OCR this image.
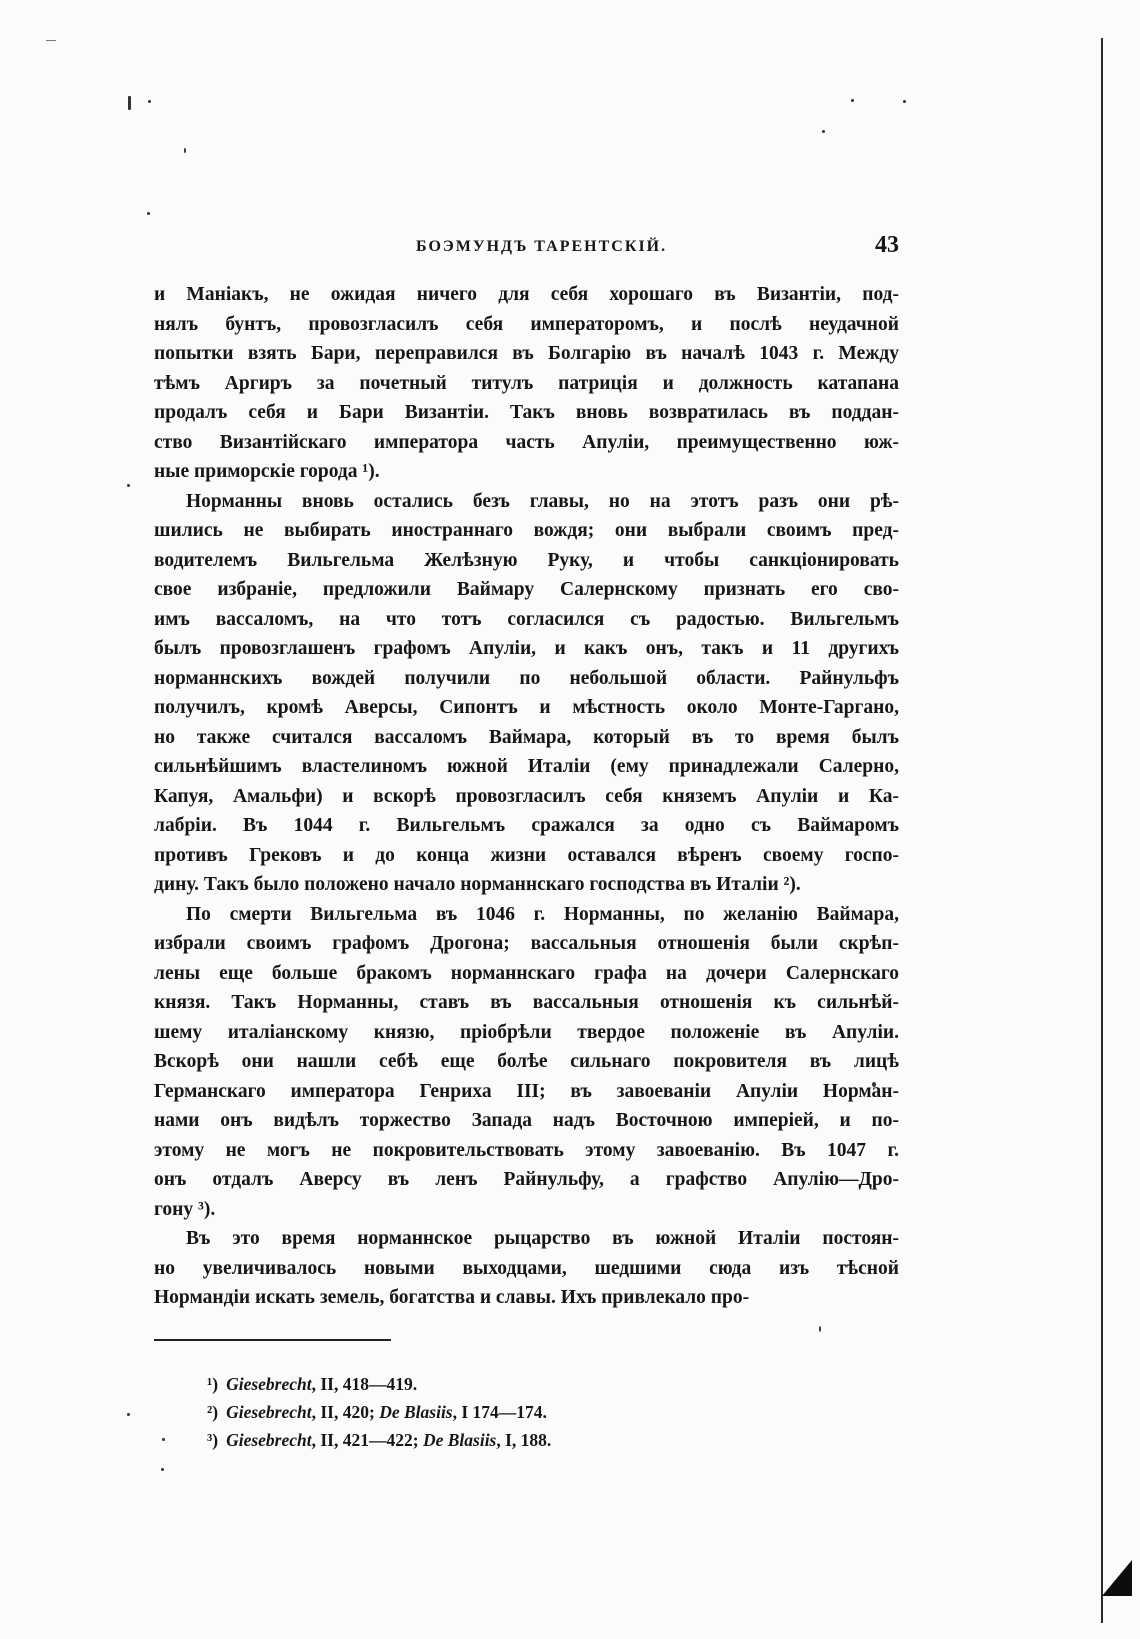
БОЭМУНДЪ ТАРЕНТСКІЙ.	43
и Маніакъ, не ожидая ничего для себя хорошаго въ Византіи, под-
нялъ бунтъ, провозгласилъ себя императоромъ, и послѣ неудачной
попытки взять Бари, переправился въ Болгарію въ началѣ 1043 г. Между
тѣмъ Аргиръ за почетный титулъ патриція и должность катапана
продалъ себя и Бари Византіи. Такъ вновь возвратилась въ поддан-
ство Византійскаго императора часть Апуліи, преимущественно юж-
ные приморскіе города ¹).
Норманны вновь остались безъ главы, но на этотъ разъ они рѣ-
шились не выбирать иностраннаго вождя; они выбрали своимъ пред-
водителемъ Вильгельма Желѣзную Руку, и чтобы санкціонировать
свое избраніе, предложили Ваймару Салернскому признать его сво-
имъ вассаломъ, на что тотъ согласился съ радостью. Вильгельмъ
былъ провозглашенъ графомъ Апуліи, и какъ онъ, такъ и 11 другихъ
норманнскихъ вождей получили по небольшой области. Райнульфъ
получилъ, кромѣ Аверсы, Сипонтъ и мѣстность около Монте-Гаргано,
но также считался вассаломъ Ваймара, который въ то время былъ
сильнѣйшимъ властелиномъ южной Италіи (ему принадлежали Салерно,
Капуя, Амальфи) и вскорѣ провозгласилъ себя княземъ Апуліи и Ка-
лабріи. Въ 1044 г. Вильгельмъ сражался за одно съ Ваймаромъ
противъ Грековъ и до конца жизни оставался вѣренъ своему госпо-
дину. Такъ было положено начало норманнскаго господства въ Италіи ²).
По смерти Вильгельма въ 1046 г. Норманны, по желанію Ваймара,
избрали своимъ графомъ Дрогона; вассальныя отношенія были скрѣп-
лены еще больше бракомъ норманнскаго графа на дочери Салернскаго
князя. Такъ Норманны, ставъ въ вассальныя отношенія къ сильнѣй-
шему италіанскому князю, пріобрѣли твердое положеніе въ Апуліи.
Вскорѣ они нашли себѣ еще болѣе сильнаго покровителя въ лицѣ
Германскаго императора Генриха III; въ завоеваніи Апуліи Норман-
нами онъ видѣлъ торжество Запада надъ Восточною имперіей, и по-
этому не могъ не покровительствовать этому завоеванію. Въ 1047 г.
онъ отдалъ Аверсу въ ленъ Райнульфу, а графство Апулію—Дро-
гону ³).
Въ это время норманнское рыцарство въ южной Италіи постоян-
но увеличивалось новыми выходцами, шедшими сюда изъ тѣсной
Нормандіи искать земель, богатства и славы. Ихъ привлекало про-
¹) Giesebrecht, II, 418—419.
²) Giesebrecht, II, 420; De Blasiis, I 174—174.
³) Giesebrecht, II, 421—422; De Blasiis, I, 188.
